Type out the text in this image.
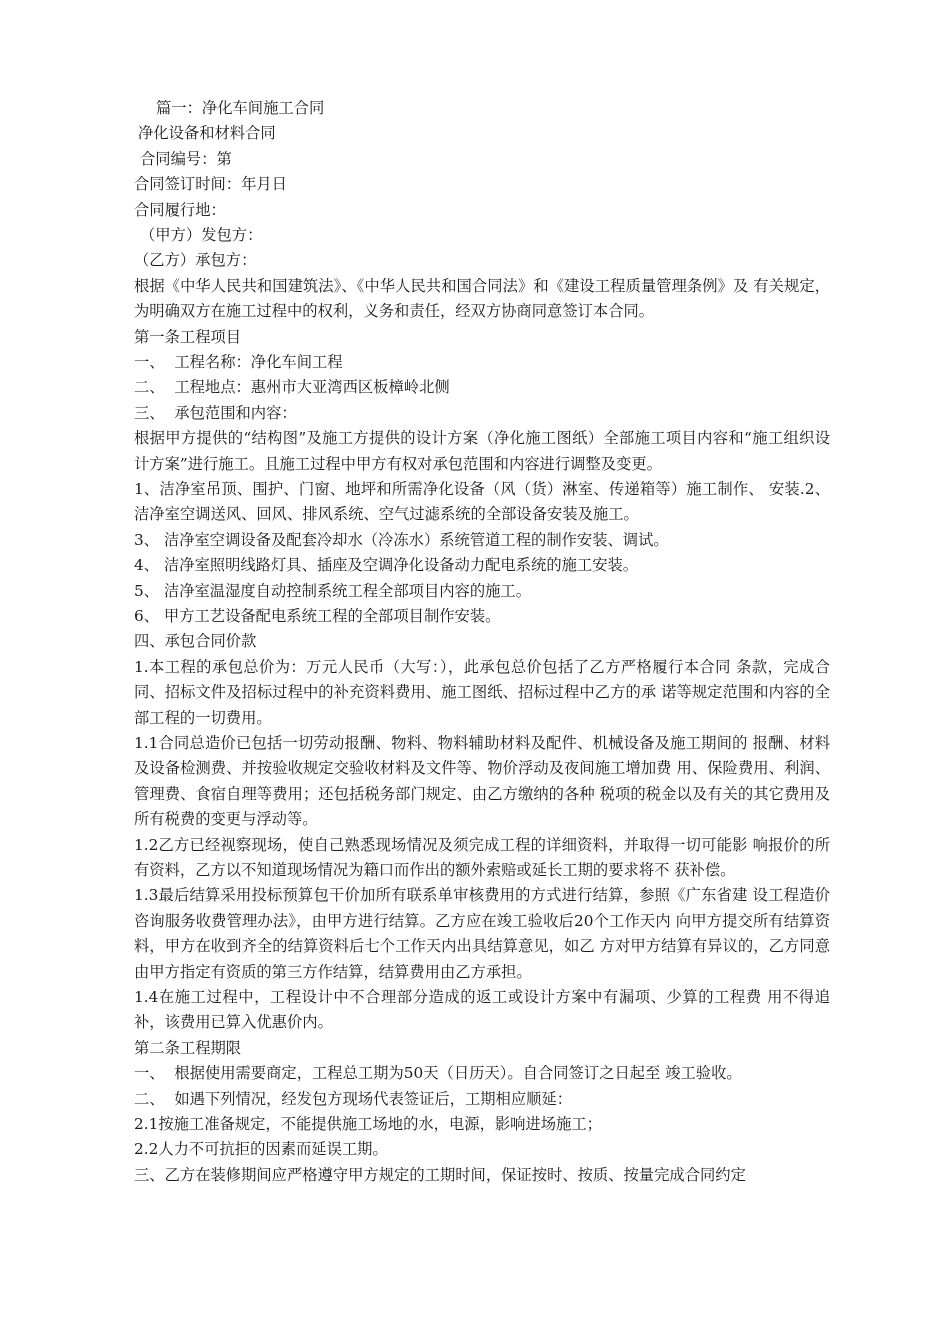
篇一：净化车间施工合同

净化设备和材料合同

合同编号：第

合同签订时间：年月日

合同履行地：

（甲方）发包方：

（乙方）承包方：

根据《中华人民共和国建筑法》、《中华人民共和国合同法》和《建设工程质量管理条例》及 有关规定，为明确双方在施工过程中的权利，义务和责任，经双方协商同意签订本合同。

第一条工程项目

一、  工程名称：净化车间工程

二、  工程地点：惠州市大亚湾西区板樟岭北侧

三、  承包范围和内容：

根据甲方提供的“结构图”及施工方提供的设计方案（净化施工图纸）全部施工项目内容和“施工组织设计方案”进行施工。且施工过程中甲方有权对承包范围和内容进行调整及变更。

1、洁净室吊顶、围护、门窗、地坪和所需净化设备（风（货）淋室、传递箱等）施工制作、 安装.2、洁净室空调送风、回风、排风系统、空气过滤系统的全部设备安装及施工。

3、 洁净室空调设备及配套冷却水（冷冻水）系统管道工程的制作安装、调试。

4、 洁净室照明线路灯具、插座及空调净化设备动力配电系统的施工安装。

5、 洁净室温湿度自动控制系统工程全部项目内容的施工。

6、 甲方工艺设备配电系统工程的全部项目制作安装。

四、承包合同价款

1.本工程的承包总价为：万元人民币（大写：），此承包总价包括了乙方严格履行本合同 条款，完成合同、招标文件及招标过程中的补充资料费用、施工图纸、招标过程中乙方的承 诺等规定范围和内容的全部工程的一切费用。

1.1合同总造价已包括一切劳动报酬、物料、物料辅助材料及配件、机械设备及施工期间的 报酬、材料及设备检测费、并按验收规定交验收材料及文件等、物价浮动及夜间施工增加费 用、保险费用、利润、管理费、食宿自理等费用；还包括税务部门规定、由乙方缴纳的各种 税项的税金以及有关的其它费用及所有税费的变更与浮动等。

1.2乙方已经视察现场，使自己熟悉现场情况及须完成工程的详细资料，并取得一切可能影 响报价的所有资料，乙方以不知道现场情况为籍口而作出的额外索赔或延长工期的要求将不 获补偿。

1.3最后结算采用投标预算包干价加所有联系单审核费用的方式进行结算，参照《广东省建 设工程造价咨询服务收费管理办法》，由甲方进行结算。乙方应在竣工验收后20个工作天内 向甲方提交所有结算资料，甲方在收到齐全的结算资料后七个工作天内出具结算意见，如乙 方对甲方结算有异议的，乙方同意由甲方指定有资质的第三方作结算，结算费用由乙方承担。

1.4在施工过程中，工程设计中不合理部分造成的返工或设计方案中有漏项、少算的工程费 用不得追补，该费用已算入优惠价内。

第二条工程期限

一、  根据使用需要商定，工程总工期为50天（日历天）。自合同签订之日起至 竣工验收。

二、  如遇下列情况，经发包方现场代表签证后，工期相应顺延：

2.1按施工准备规定，不能提供施工场地的水，电源，影响进场施工；

2.2人力不可抗拒的因素而延误工期。

三、乙方在装修期间应严格遵守甲方规定的工期时间，保证按时、按质、按量完成合同约定
